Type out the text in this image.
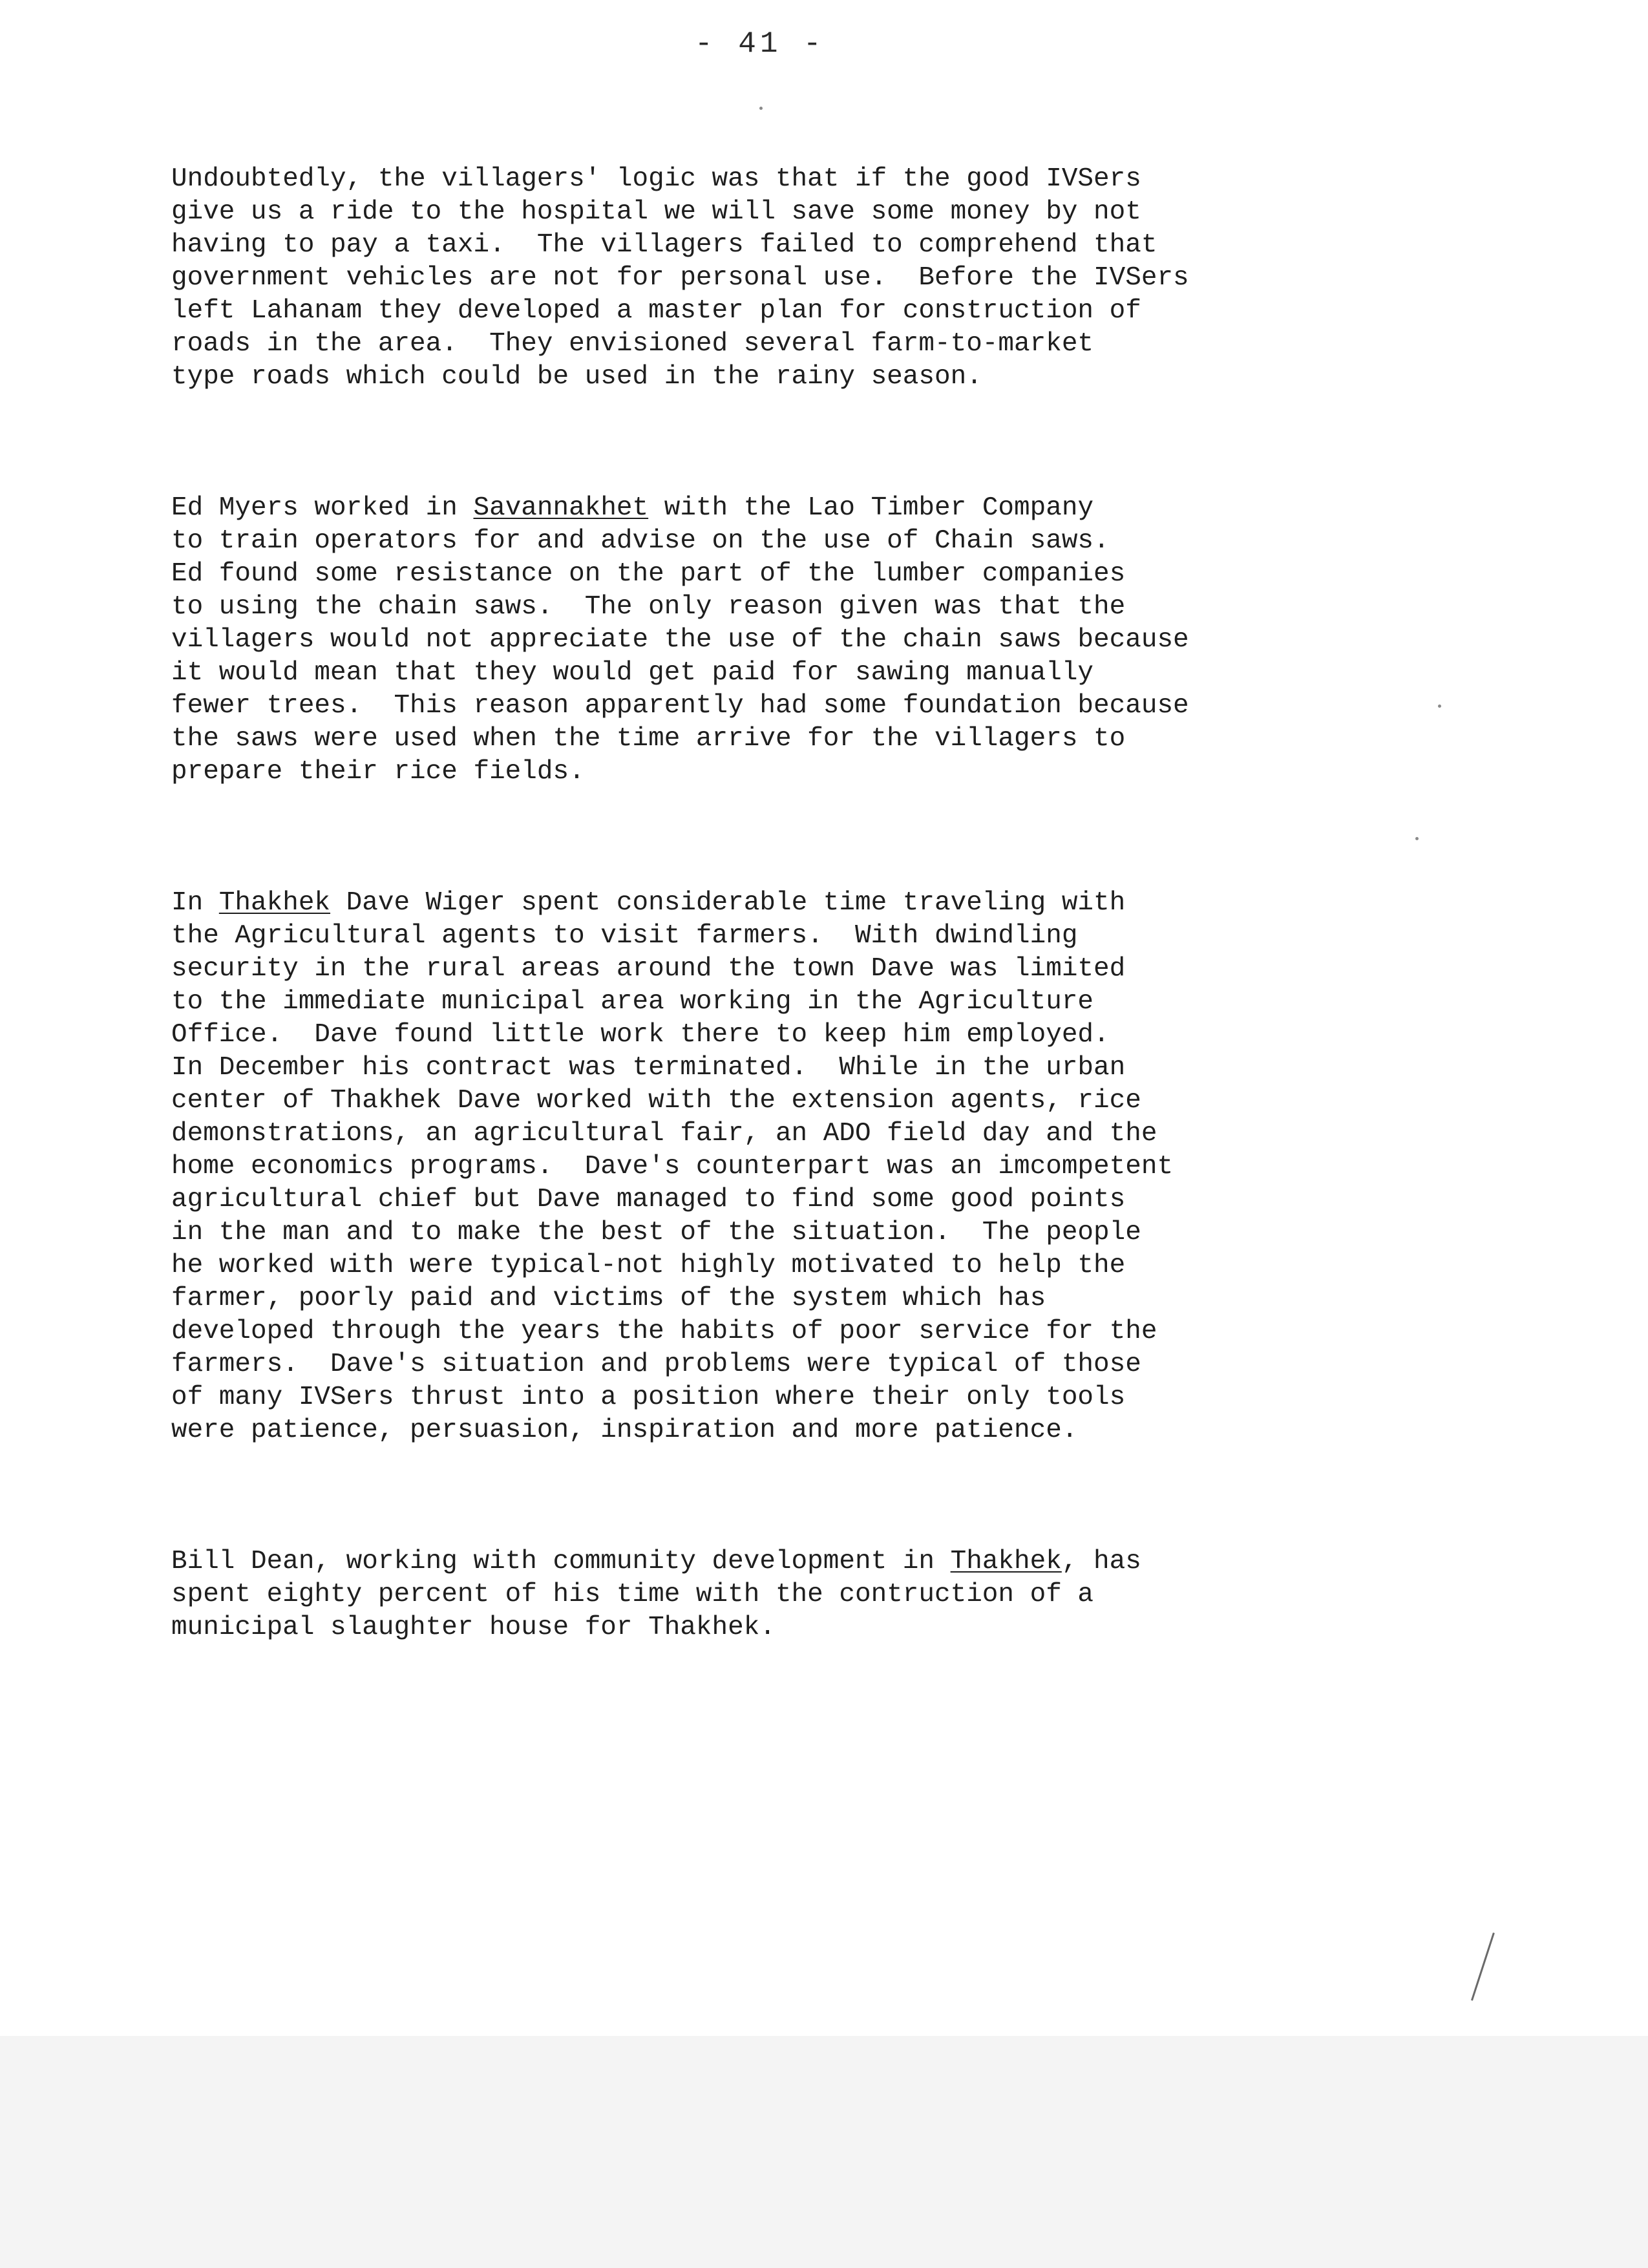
- 41 -

Undoubtedly, the villagers' logic was that if the good IVSers
give us a ride to the hospital we will save some money by not
having to pay a taxi.  The villagers failed to comprehend that
government vehicles are not for personal use.  Before the IVSers
left Lahanam they developed a master plan for construction of
roads in the area.  They envisioned several farm-to-market
type roads which could be used in the rainy season.

Ed Myers worked in Savannakhet with the Lao Timber Company
to train operators for and advise on the use of Chain saws.
Ed found some resistance on the part of the lumber companies
to using the chain saws.  The only reason given was that the
villagers would not appreciate the use of the chain saws because
it would mean that they would get paid for sawing manually
fewer trees.  This reason apparently had some foundation because
the saws were used when the time arrive for the villagers to
prepare their rice fields.

In Thakhek Dave Wiger spent considerable time traveling with
the Agricultural agents to visit farmers.  With dwindling
security in the rural areas around the town Dave was limited
to the immediate municipal area working in the Agriculture
Office.  Dave found little work there to keep him employed.
In December his contract was terminated.  While in the urban
center of Thakhek Dave worked with the extension agents, rice
demonstrations, an agricultural fair, an ADO field day and the
home economics programs.  Dave's counterpart was an imcompetent
agricultural chief but Dave managed to find some good points
in the man and to make the best of the situation.  The people
he worked with were typical-not highly motivated to help the
farmer, poorly paid and victims of the system which has
developed through the years the habits of poor service for the
farmers.  Dave's situation and problems were typical of those
of many IVSers thrust into a position where their only tools
were patience, persuasion, inspiration and more patience.

Bill Dean, working with community development in Thakhek, has
spent eighty percent of his time with the contruction of a
municipal slaughter house for Thakhek.
